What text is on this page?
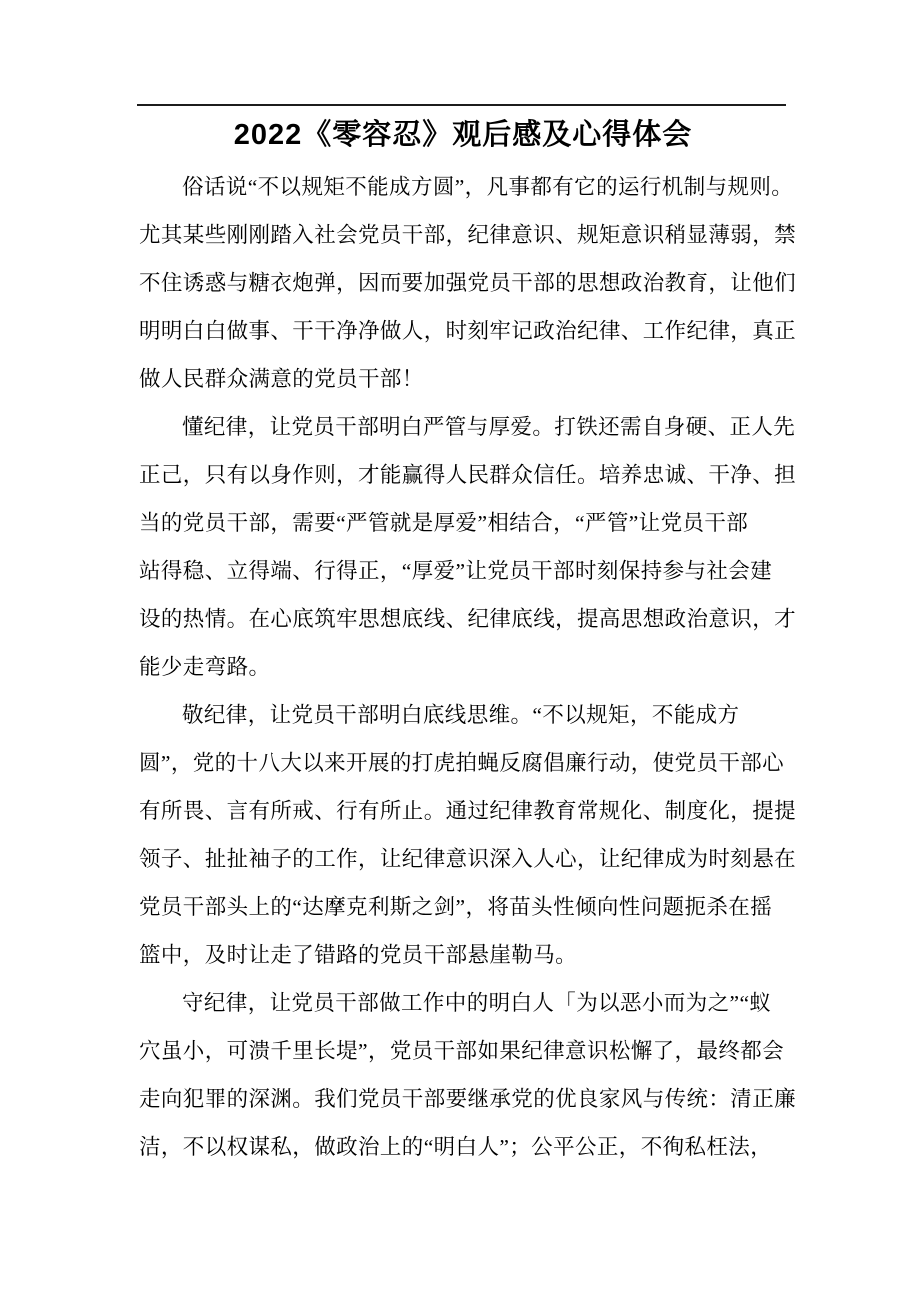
2022《零容忍》观后感及心得体会
俗话说“不以规矩不能成方圆”，凡事都有它的运行机制与规则。
尤其某些刚刚踏入社会党员干部，纪律意识、规矩意识稍显薄弱，禁
不住诱惑与糖衣炮弹，因而要加强党员干部的思想政治教育，让他们
明明白白做事、干干净净做人，时刻牢记政治纪律、工作纪律，真正
做人民群众满意的党员干部！
懂纪律，让党员干部明白严管与厚爱。打铁还需自身硬、正人先
正己，只有以身作则，才能赢得人民群众信任。培养忠诚、干净、担
当的党员干部，需要“严管就是厚爱”相结合，“严管”让党员干部
站得稳、立得端、行得正，“厚爱”让党员干部时刻保持参与社会建
设的热情。在心底筑牢思想底线、纪律底线，提高思想政治意识，才
能少走弯路。
敬纪律，让党员干部明白底线思维。“不以规矩，不能成方
圆”，党的十八大以来开展的打虎拍蝇反腐倡廉行动，使党员干部心
有所畏、言有所戒、行有所止。通过纪律教育常规化、制度化，提提
领子、扯扯袖子的工作，让纪律意识深入人心，让纪律成为时刻悬在
党员干部头上的“达摩克利斯之剑”，将苗头性倾向性问题扼杀在摇
篮中，及时让走了错路的党员干部悬崖勒马。
守纪律，让党员干部做工作中的明白人「为以恶小而为之”“蚁
穴虽小，可溃千里长堤”，党员干部如果纪律意识松懈了，最终都会
走向犯罪的深渊。我们党员干部要继承党的优良家风与传统：清正廉
洁，不以权谋私，做政治上的“明白人”；公平公正，不徇私枉法，
